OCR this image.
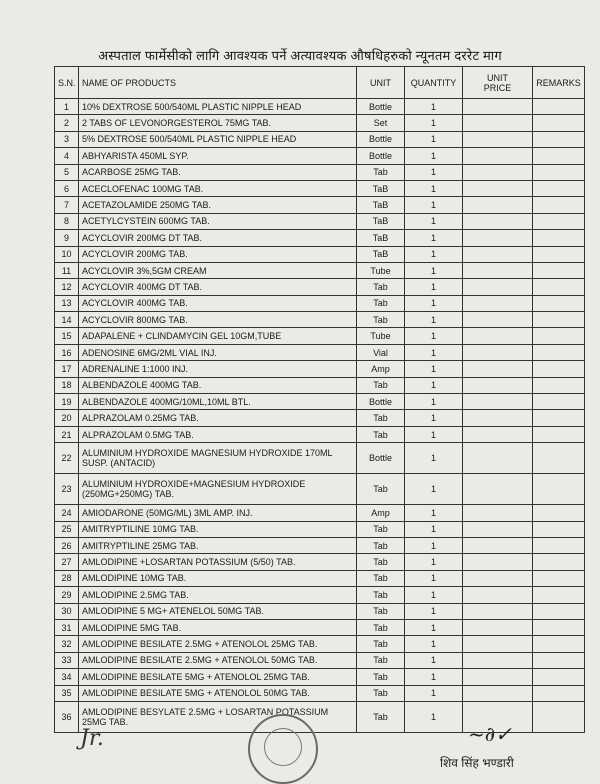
अस्पताल फार्मेसीको लागि आवश्यक पर्ने अत्यावश्यक औषधिहरुको न्यूनतम दररेट माग
S.N.	NAME OF PRODUCTS	UNIT	QUANTITY	UNIT PRICE	REMARKS
1	10% DEXTROSE 500/540ML PLASTIC NIPPLE HEAD	Bottle	1		
2	2 TABS OF LEVONORGESTEROL 75MG TAB.	Set	1		
3	5% DEXTROSE 500/540ML PLASTIC NIPPLE HEAD	Bottle	1		
4	ABHYARISTA 450ML SYP.	Bottle	1		
5	ACARBOSE 25MG TAB.	Tab	1		
6	ACECLOFENAC 100MG TAB.	TaB	1		
7	ACETAZOLAMIDE 250MG TAB.	TaB	1		
8	ACETYLCYSTEIN 600MG TAB.	TaB	1		
9	ACYCLOVIR 200MG DT TAB.	TaB	1		
10	ACYCLOVIR 200MG TAB.	TaB	1		
11	ACYCLOVIR 3%,5GM CREAM	Tube	1		
12	ACYCLOVIR 400MG DT TAB.	Tab	1		
13	ACYCLOVIR 400MG TAB.	Tab	1		
14	ACYCLOVIR 800MG TAB.	Tab	1		
15	ADAPALENE + CLINDAMYCIN GEL 10GM,TUBE	Tube	1		
16	ADENOSINE 6MG/2ML VIAL INJ.	Vial	1		
17	ADRENALINE 1:1000 INJ.	Amp	1		
18	ALBENDAZOLE 400MG TAB.	Tab	1		
19	ALBENDAZOLE 400MG/10ML,10ML BTL.	Bottle	1		
20	ALPRAZOLAM 0.25MG TAB.	Tab	1		
21	ALPRAZOLAM 0.5MG TAB.	Tab	1		
22	ALUMINIUM HYDROXIDE MAGNESIUM HYDROXIDE 170ML SUSP. (ANTACID)	Bottle	1		
23	ALUMINIUM HYDROXIDE+MAGNESIUM HYDROXIDE (250MG+250MG) TAB.	Tab	1		
24	AMIODARONE (50MG/ML) 3ML AMP. INJ.	Amp	1		
25	AMITRYPTILINE 10MG TAB.	Tab	1		
26	AMITRYPTILINE 25MG TAB.	Tab	1		
27	AMLODIPINE +LOSARTAN POTASSIUM (5/50) TAB.	Tab	1		
28	AMLODIPINE 10MG TAB.	Tab	1		
29	AMLODIPINE 2.5MG TAB.	Tab	1		
30	AMLODIPINE 5 MG+ ATENELOL 50MG TAB.	Tab	1		
31	AMLODIPINE 5MG TAB.	Tab	1		
32	AMLODIPINE BESILATE 2.5MG + ATENOLOL 25MG TAB.	Tab	1		
33	AMLODIPINE BESILATE 2.5MG + ATENOLOL 50MG TAB.	Tab	1		
34	AMLODIPINE BESILATE 5MG + ATENOLOL 25MG TAB.	Tab	1		
35	AMLODIPINE BESILATE 5MG + ATENOLOL 50MG TAB.	Tab	1		
36	AMLODIPINE BESYLATE 2.5MG + LOSARTAN POTASSIUM 25MG TAB.	Tab	1		
Jr.	~∂✓
शिव सिंह भण्डारी
